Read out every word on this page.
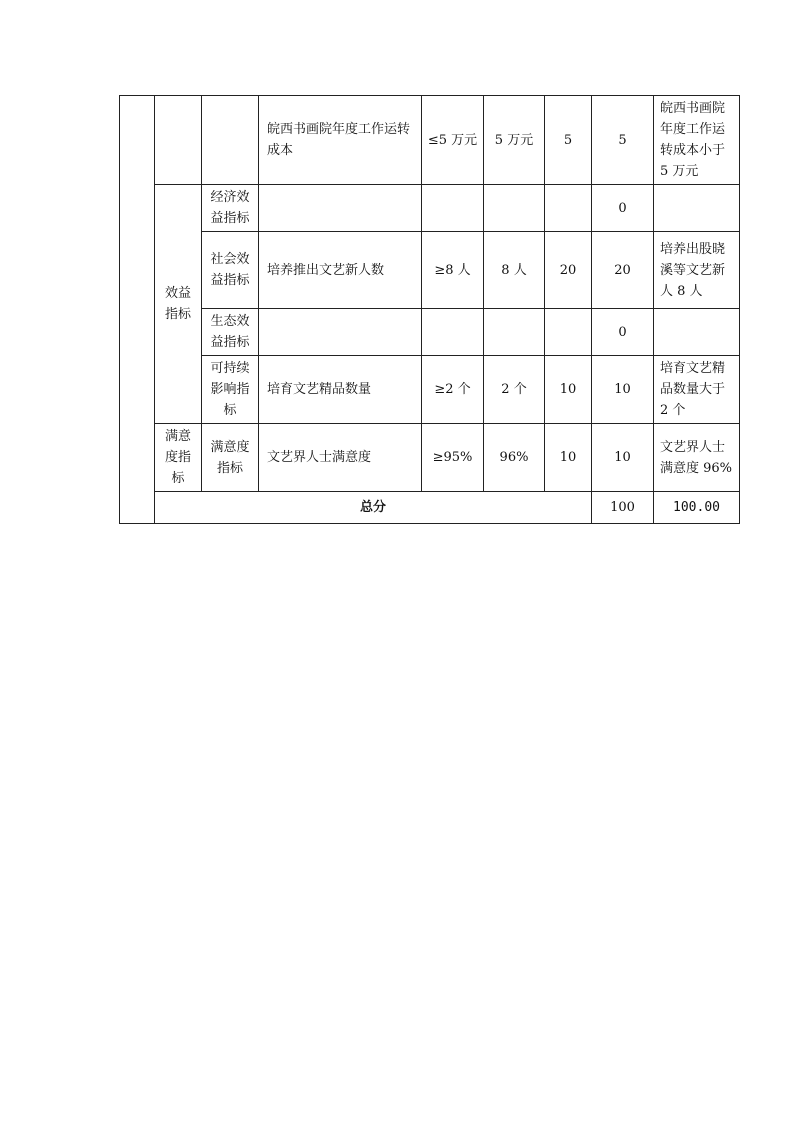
			皖西书画院年度工作运转成本	≤5 万元	5 万元	5	5	皖西书画院年度工作运转成本小于 5 万元	
	效益指标	经济效益指标					0		
		社会效益指标	培养推出文艺新人数	≥8 人	8 人	20	20	培养出股晓溪等文艺新人 8 人	
		生态效益指标					0		
		可持续影响指标	培育文艺精品数量	≥2 个	2 个	10	10	培育文艺精品数量大于 2 个	
	满意度指标	满意度指标	文艺界人士满意度	≥95%	96%	10	10	文艺界人士满意度 96%	
	总分						100	100.00	
